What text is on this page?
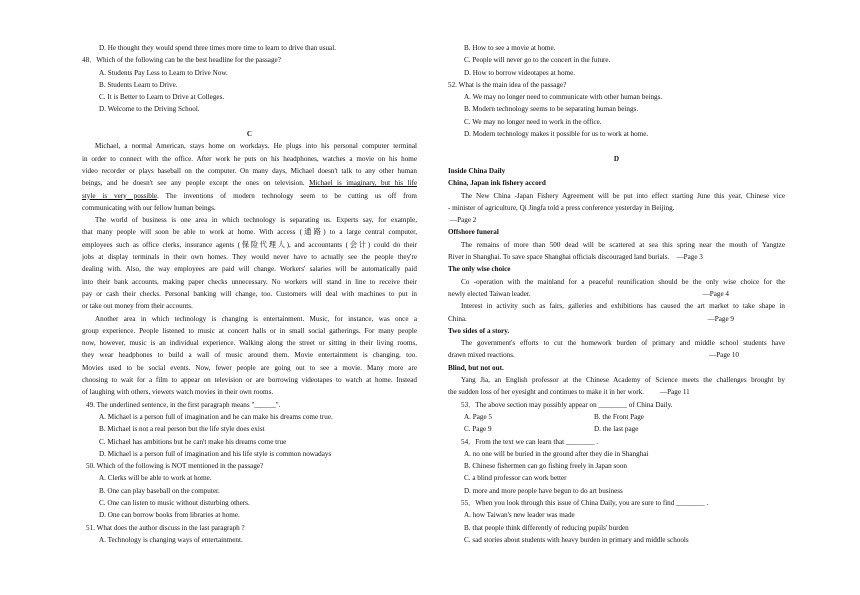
D. He thought they would spend three times more time to learn to drive than usual.
48．Which of the following can be the best headline for the passage?
A. Students Pay Less to Learn to Drive Now.
B. Students Learn to Drive.
C. It is Better to Learn to Drive at Colleges.
D. Welcome to the Driving School.
C
Michael, a normal American, stays home on workdays. He plugs into his personal computer terminal
in order to connect with the office. After work he puts on his headphones, watches a movie on his home
video recorder or plays baseball on the computer. On many days, Michael doesn't talk to any other human
beings, and he doesn't see any people except the ones on television. Michael is imaginary, but his life
style is very possible. The inventions of modern technology seem to be cutting us off from
communicating with our fellow human beings.
The world of business is one area in which technology is separating us. Experts say, for example,
that many people will soon be able to work at home. With access (通路) to a large central computer,
employees such as office clerks, insurance agents (保险代理人), and accountants (会计) could do their
jobs at display terminals in their own homes. They would never have to actually see the people they're
dealing with. Also, the way employees are paid will change. Workers' salaries will be automatically paid
into their bank accounts, making paper checks unnecessary. No workers will stand in line to receive their
pay or cash their checks. Personal banking will change, too. Customers will deal with machines to put in
or take out money from their accounts.
Another area in which technology is changing is entertainment. Music, for instance, was once a
group experience. People listened to music at concert halls or in small social gatherings. For many people
now, however, music is an individual experience. Walking along the street or sitting in their living rooms,
they wear headphones to build a wall of music around them. Movie entertainment is changing, too.
Movies used to be social events. Now, fewer people are going out to see a movie. Many more are
choosing to wait for a film to appear on television or are borrowing videotapes to watch at home. Instead
of laughing with others, viewers watch movies in their own rooms.
49. The underlined sentence, in the first paragraph means "______".
A. Michael is a person full of imagination and he can make his dreams come true.
B. Michael is not a real person but the life style does exist
C. Michael has ambitions but he can't make his dreams come true
D. Michael is a person full of imagination and his life style is common nowadays
50. Which of the following is NOT mentioned in the passage?
A. Clerks will be able to work at home.
B. One can play baseball on the computer.
C. One can listen to music without disturbing others.
D. One can borrow books from libraries at home.
51. What does the author discuss in the last paragraph ?
A. Technology is changing ways of entertainment.
B. How to see a movie at home.
C. People will never go to the concert in the future.
D. How to borrow videotapes at home.
52. What is the main idea of the passage?
A. We may no longer need to communicate with other human beings.
B. Modern technology seems to be separating human beings.
C. We may no longer need to work in the office.
D. Modern technology makes it possible for us to work at home.
D
Inside China Daily
China, Japan ink fishery accord
The New China -Japan Fishery Agreement will be put into effect starting June this year, Chinese vice
- minister of agriculture, Qi Jingfa told a press conference yesterday in Beijing.
—Page 2
Offshore funeral
The remains of more than 500 dead will be scattered at sea this spring near the mouth of Yangtze
River in Shanghai. To save space Shanghai officials discouraged land burials. —Page 3
The only wise choice
Co -operation with the mainland for a peaceful reunification should be the only wise choice for the
newly elected Taiwan leader.	—Page 4
Interest in activity such as fairs, galleries and exhibitions has caused the art market to take shape in
China.	—Page 9
Two sides of a story.
The government's efforts to cut the homework burden of primary and middle school students have
drawn mixed reactions.	—Page 10
Blind, but not out.
Yang Jia, an English professor at the Chinese Academy of Science meets the challenges brought by
the sudden loss of her eyesight and continues to make it in her work. —Page 11
53．The above section may possibly appear on ________ of China Daily.
A. Page 5	B. the Front Page
C. Page 9	D. the last page
54．From the text we can learn that ________ .
A. no one will be buried in the ground after they die in Shanghai
B. Chinese fishermen can go fishing freely in Japan soon
C. a blind professor can work better
D. more and more people have begun to do art business
55．When you look through this issue of China Daily, you are sure to find ________ .
A. how Taiwan's new leader was made
B. that people think differently of reducing pupils' burden
C. sad stories about students with heavy burden in primary and middle schools
